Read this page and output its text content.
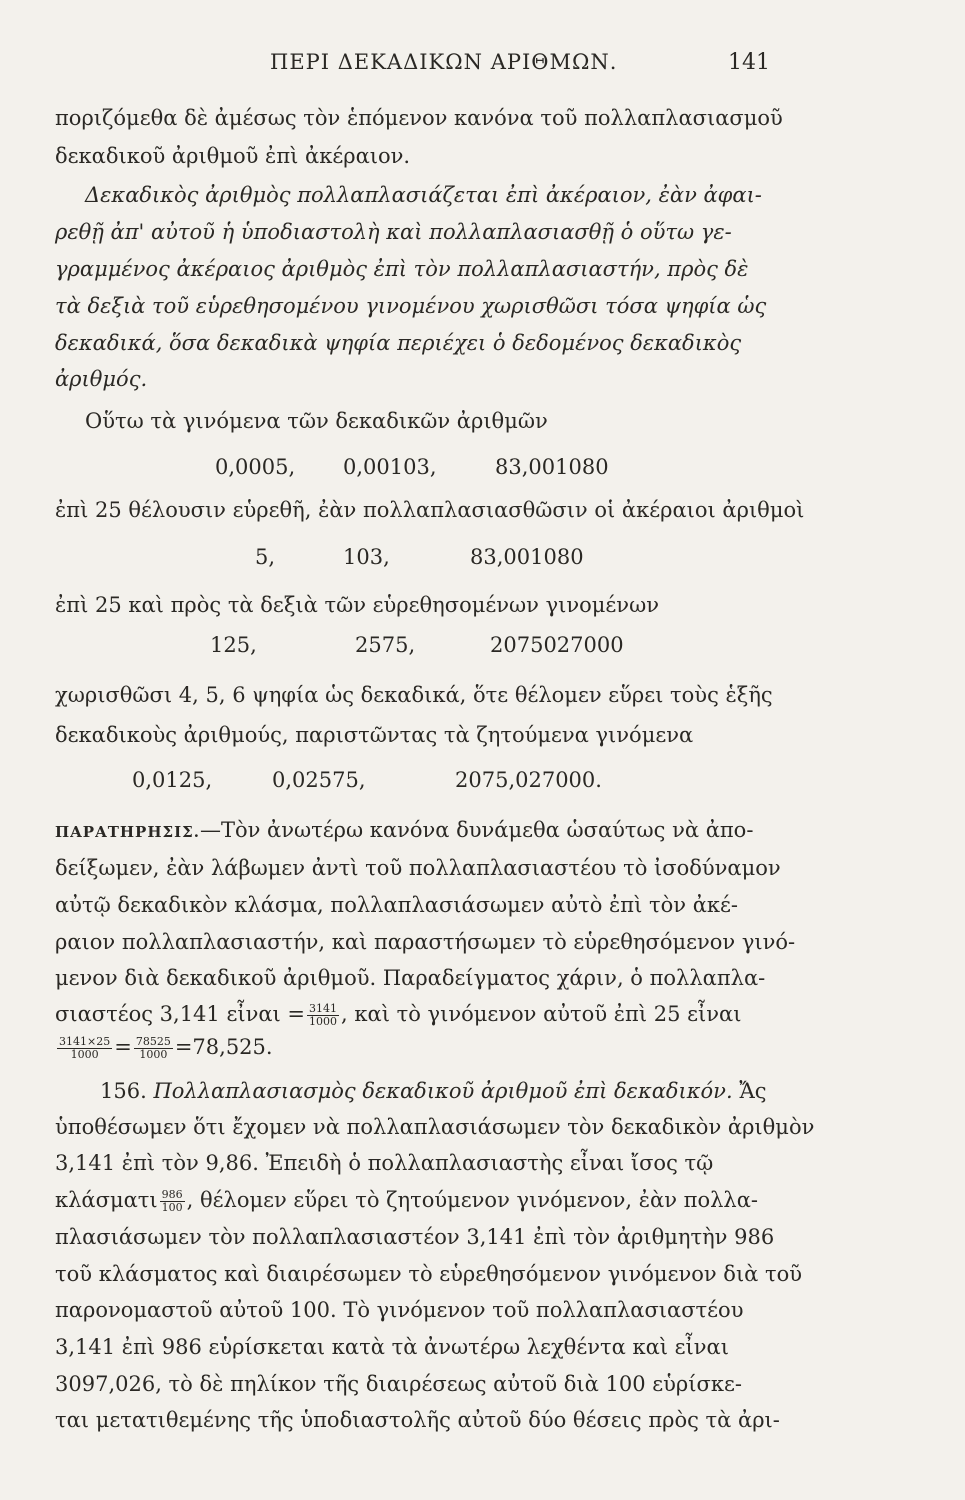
ΠΕΡΙ ΔΕΚΑΔΙΚΩΝ ΑΡΙΘΜΩΝ.	141
ποριζόμεθα δὲ ἀμέσως τὸν ἑπόμενον κανόνα τοῦ πολλαπλασιασμοῦ
δεκαδικοῦ ἀριθμοῦ ἐπὶ ἀκέραιον.
Δεκαδικὸς ἀριθμὸς πολλαπλασιάζεται ἐπὶ ἀκέραιον, ἐὰν ἀφαι-
ρεθῇ ἀπ' αὐτοῦ ἡ ὑποδιαστολὴ καὶ πολλαπλασιασθῇ ὁ οὕτω γε-
γραμμένος ἀκέραιος ἀριθμὸς ἐπὶ τὸν πολλαπλασιαστήν, πρὸς δὲ
τὰ δεξιὰ τοῦ εὑρεθησομένου γινομένου χωρισθῶσι τόσα ψηφία ὡς
δεκαδικά, ὅσα δεκαδικὰ ψηφία περιέχει ὁ δεδομένος δεκαδικὸς
ἀριθμός.
Οὕτω τὰ γινόμενα τῶν δεκαδικῶν ἀριθμῶν
0,0005, 0,00103,	83,001080
ἐπὶ 25 θέλουσιν εὑρεθῆ, ἐὰν πολλαπλασιασθῶσιν οἱ ἀκέραιοι ἀριθμοὶ
5,	103,	83,001080
ἐπὶ 25 καὶ πρὸς τὰ δεξιὰ τῶν εὑρεθησομένων γινομένων
125,	2575,	2075027000
χωρισθῶσι 4, 5, 6 ψηφία ὡς δεκαδικά, ὅτε θέλομεν εὕρει τοὺς ἑξῆς
δεκαδικοὺς ἀριθμούς, παριστῶντας τὰ ζητούμενα γινόμενα
0,0125,	0,02575,	2075,027000.
ΠΑΡΑΤΗΡΗΣΙΣ.—Τὸν ἀνωτέρω κανόνα δυνάμεθα ὡσαύτως νὰ ἀπο-
δείξωμεν, ἐὰν λάβωμεν ἀντὶ τοῦ πολλαπλασιαστέου τὸ ἰσοδύναμον
αὐτῷ δεκαδικὸν κλάσμα, πολλαπλασιάσωμεν αὐτὸ ἐπὶ τὸν ἀκέ-
ραιον πολλαπλασιαστήν, καὶ παραστήσωμεν τὸ εὑρεθησόμενον γινό-
μενον διὰ δεκαδικοῦ ἀριθμοῦ. Παραδείγματος χάριν, ὁ πολλαπλα-
σιαστέος 3,141 εἶναι = $\frac{3141}{1000}$ , καὶ τὸ γινόμενον αὐτοῦ ἐπὶ 25 εἶναι
$\frac{3141\times 25}{1000} = \frac{78525}{1000} =78,525$.
156. Πολλαπλασιασμὸς δεκαδικοῦ ἀριθμοῦ ἐπὶ δεκαδικόν. Ἄς
ὑποθέσωμεν ὅτι ἔχομεν νὰ πολλαπλασιάσωμεν τὸν δεκαδικὸν ἀριθμὸν
3,141 ἐπὶ τὸν 9,86. Ἐπειδὴ ὁ πολλαπλασιαστὴς εἶναι ἴσος τῷ
κλάσματι $\frac{986}{100}$ , θέλομεν εὕρει τὸ ζητούμενον γινόμενον, ἐὰν πολλα-
πλασιάσωμεν τὸν πολλαπλασιαστέον 3,141 ἐπὶ τὸν ἀριθμητὴν 986
τοῦ κλάσματος καὶ διαιρέσωμεν τὸ εὑρεθησόμενον γινόμενον διὰ τοῦ
παρονομαστοῦ αὐτοῦ 100. Τὸ γινόμενον τοῦ πολλαπλασιαστέου
3,141 ἐπὶ 986 εὑρίσκεται κατὰ τὰ ἀνωτέρω λεχθέντα καὶ εἶναι
3097,026, τὸ δὲ πηλίκον τῆς διαιρέσεως αὐτοῦ διὰ 100 εὑρίσκε-
ται μετατιθεμένης τῆς ὑποδιαστολῆς αὐτοῦ δύο θέσεις πρὸς τὰ ἀρι-
